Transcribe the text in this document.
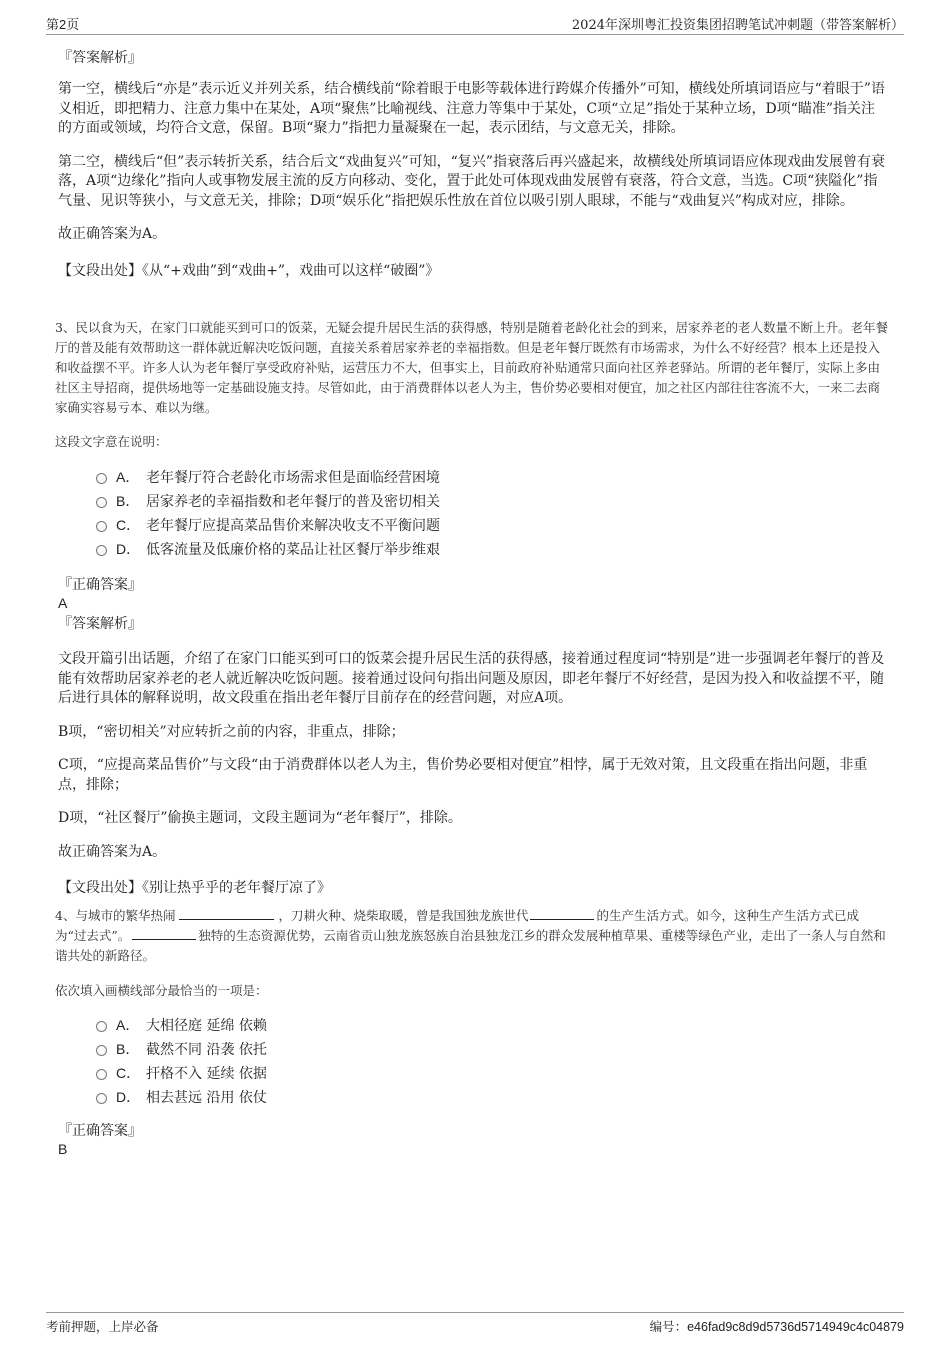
第2页	2024年深圳粤汇投资集团招聘笔试冲刺题（带答案解析）
『答案解析』

第一空，横线后“亦是”表示近义并列关系，结合横线前“除着眼于电影等载体进行跨媒介传播外”可知，横线处所填词语应与“着眼于”语义相近，即把精力、注意力集中在某处，A项“聚焦”比喻视线、注意力等集中于某处，C项“立足”指处于某种立场，D项“瞄准”指关注的方面或领域，均符合文意，保留。B项“聚力”指把力量凝聚在一起，表示团结，与文意无关，排除。

第二空，横线后“但”表示转折关系，结合后文“戏曲复兴”可知，“复兴”指衰落后再兴盛起来，故横线处所填词语应体现戏曲发展曾有衰落，A项“边缘化”指向人或事物发展主流的反方向移动、变化，置于此处可体现戏曲发展曾有衰落，符合文意，当选。C项“狭隘化”指气量、见识等狭小，与文意无关，排除；D项“娱乐化”指把娱乐性放在首位以吸引别人眼球，不能与“戏曲复兴”构成对应，排除。

故正确答案为A。

【文段出处】《从“+戏曲”到“戏曲+”，戏曲可以这样“破圈”》

3、民以食为天，在家门口就能买到可口的饭菜，无疑会提升居民生活的获得感，特别是随着老龄化社会的到来，居家养老的老人数量不断上升。老年餐厅的普及能有效帮助这一群体就近解决吃饭问题，直接关系着居家养老的幸福指数。但是老年餐厅既然有市场需求，为什么不好经营？根本上还是投入和收益摆不平。许多人认为老年餐厅享受政府补贴，运营压力不大，但事实上，目前政府补贴通常只面向社区养老驿站。所谓的老年餐厅，实际上多由社区主导招商，提供场地等一定基础设施支持。尽管如此，由于消费群体以老人为主，售价势必要相对便宜，加之社区内部往往客流不大，一来二去商家确实容易亏本、难以为继。
这段文字意在说明：
A． 老年餐厅符合老龄化市场需求但是面临经营困境
B． 居家养老的幸福指数和老年餐厅的普及密切相关
C． 老年餐厅应提高菜品售价来解决收支不平衡问题
D． 低客流量及低廉价格的菜品让社区餐厅举步维艰
『正确答案』
A
『答案解析』

文段开篇引出话题，介绍了在家门口能买到可口的饭菜会提升居民生活的获得感，接着通过程度词“特别是”进一步强调老年餐厅的普及能有效帮助居家养老的老人就近解决吃饭问题。接着通过设问句指出问题及原因，即老年餐厅不好经营，是因为投入和收益摆不平，随后进行具体的解释说明，故文段重在指出老年餐厅目前存在的经营问题，对应A项。

B项，“密切相关”对应转折之前的内容，非重点，排除；

C项，“应提高菜品售价”与文段“由于消费群体以老人为主，售价势必要相对便宜”相悖，属于无效对策，且文段重在指出问题，非重点，排除；

D项，“社区餐厅”偷换主题词，文段主题词为“老年餐厅”，排除。

故正确答案为A。

【文段出处】《别让热乎乎的老年餐厅凉了》

4、与城市的繁华热闹	，刀耕火种、烧柴取暖，曾是我国独龙族世代	的生产生活方式。如今，这种生产生活方式已成为“过去式”。	独特的生态资源优势，云南省贡山独龙族怒族自治县独龙江乡的群众发展种植草果、重楼等绿色产业，走出了一条人与自然和谐共处的新路径。
依次填入画横线部分最恰当的一项是：
A． 大相径庭 延绵 依赖
B． 截然不同 沿袭 依托
C． 扞格不入 延续 依据
D． 相去甚远 沿用 依仗
『正确答案』
B
考前押题，上岸必备	编号：e46fad9c8d9d5736d5714949c4c04879
